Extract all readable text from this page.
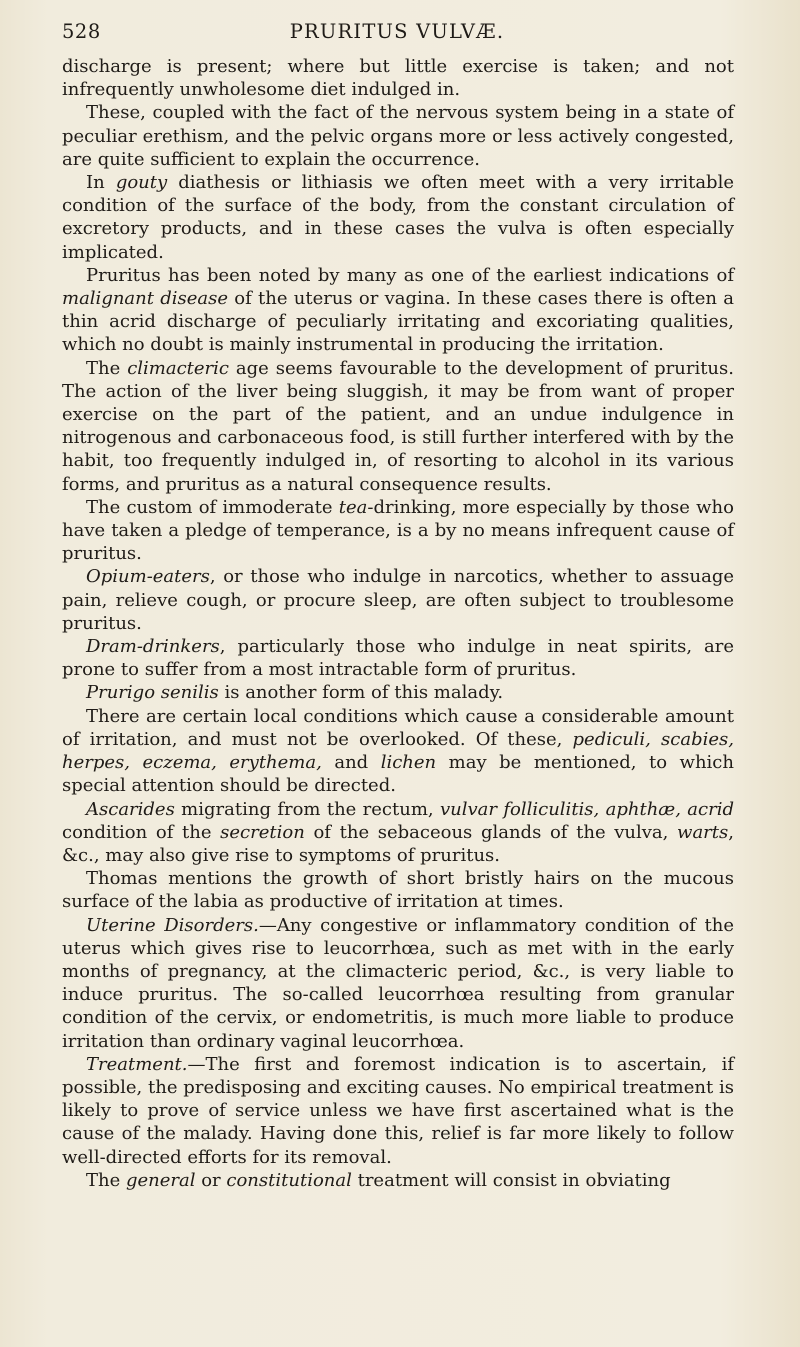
528	PRURITUS VULVÆ.

discharge is present; where but little exercise is taken; and not infrequently unwholesome diet indulged in.

These, coupled with the fact of the nervous system being in a state of peculiar erethism, and the pelvic organs more or less actively congested, are quite sufficient to explain the occurrence.

In gouty diathesis or lithiasis we often meet with a very irritable condition of the surface of the body, from the constant circulation of excretory products, and in these cases the vulva is often especially implicated.

Pruritus has been noted by many as one of the earliest indications of malignant disease of the uterus or vagina. In these cases there is often a thin acrid discharge of peculiarly irritating and excoriating qualities, which no doubt is mainly instrumental in producing the irritation.

The climacteric age seems favourable to the development of pruritus. The action of the liver being sluggish, it may be from want of proper exercise on the part of the patient, and an undue indulgence in nitrogenous and carbonaceous food, is still further interfered with by the habit, too frequently indulged in, of resorting to alcohol in its various forms, and pruritus as a natural consequence results.

The custom of immoderate tea-drinking, more especially by those who have taken a pledge of temperance, is a by no means infrequent cause of pruritus.

Opium-eaters, or those who indulge in narcotics, whether to assuage pain, relieve cough, or procure sleep, are often subject to troublesome pruritus.

Dram-drinkers, particularly those who indulge in neat spirits, are prone to suffer from a most intractable form of pruritus.

Prurigo senilis is another form of this malady.

There are certain local conditions which cause a considerable amount of irritation, and must not be overlooked. Of these, pediculi, scabies, herpes, eczema, erythema, and lichen may be mentioned, to which special attention should be directed.

Ascarides migrating from the rectum, vulvar folliculitis, aphthæ, acrid condition of the secretion of the sebaceous glands of the vulva, warts, &c., may also give rise to symptoms of pruritus.

Thomas mentions the growth of short bristly hairs on the mucous surface of the labia as productive of irritation at times.

Uterine Disorders.—Any congestive or inflammatory condition of the uterus which gives rise to leucorrhœa, such as met with in the early months of pregnancy, at the climacteric period, &c., is very liable to induce pruritus. The so-called leucorrhœa resulting from granular condition of the cervix, or endometritis, is much more liable to produce irritation than ordinary vaginal leucorrhœa.

Treatment.—The first and foremost indication is to ascertain, if possible, the predisposing and exciting causes. No empirical treatment is likely to prove of service unless we have first ascertained what is the cause of the malady. Having done this, relief is far more likely to follow well-directed efforts for its removal.

The general or constitutional treatment will consist in obviating
